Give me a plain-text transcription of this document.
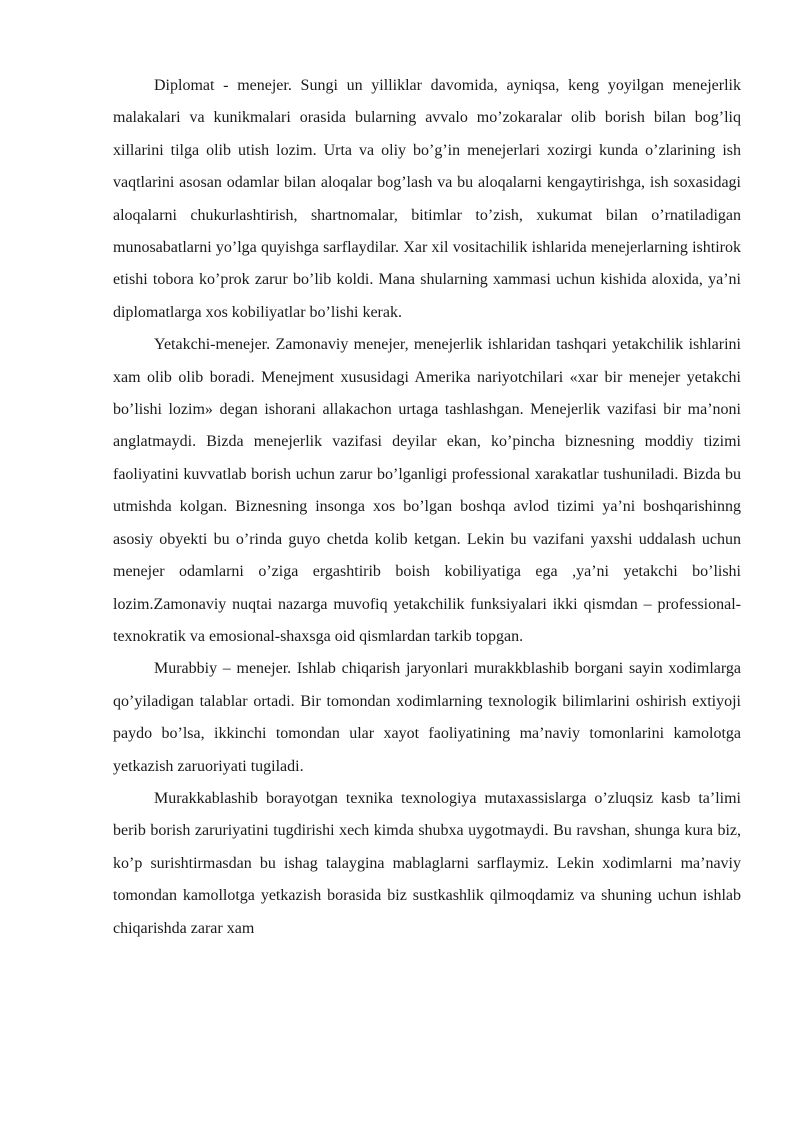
Diplomat - menejer. Sungi un yilliklar davomida, ayniqsa, keng yoyilgan menejerlik malakalari va kunikmalari orasida bularning avvalo mo’zokaralar olib borish bilan bog’liq xillarini tilga olib utish lozim. Urta va oliy bo’g’in menejerlari xozirgi kunda o’zlarining ish vaqtlarini asosan odamlar bilan aloqalar bog’lash va bu aloqalarni kengaytirishga, ish soxasidagi aloqalarni chukurlashtirish, shartnomalar, bitimlar to’zish, xukumat bilan o’rnatiladigan munosabatlarni yo’lga quyishga sarflaydilar. Xar xil vositachilik ishlarida menejerlarning ishtirok etishi tobora ko’prok zarur bo’lib koldi. Mana shularning xammasi uchun kishida aloxida, ya’ni diplomatlarga xos kobiliyatlar bo’lishi kerak.

Yetakchi-menejer. Zamonaviy menejer, menejerlik ishlaridan tashqari yetakchilik ishlarini xam olib olib boradi. Menejment xususidagi Amerika nariyotchilari «xar bir menejer yetakchi bo’lishi lozim» degan ishorani allakachon urtaga tashlashgan. Menejerlik vazifasi bir ma’noni anglatmaydi. Bizda menejerlik vazifasi deyilar ekan, ko’pincha biznesning moddiy tizimi faoliyatini kuvvatlab borish uchun zarur bo’lganligi professional xarakatlar tushuniladi. Bizda bu utmishda kolgan. Biznesning insonga xos bo’lgan boshqa avlod tizimi ya’ni boshqarishinng asosiy obyekti bu o’rinda guyo chetda kolib ketgan. Lekin bu vazifani yaxshi uddalash uchun menejer odamlarni o’ziga ergashtirib boish kobiliyatiga ega ,ya’ni yetakchi bo’lishi lozim.Zamonaviy nuqtai nazarga muvofiq yetakchilik funksiyalari ikki qismdan – professional-texnokratik va emosional-shaxsga oid qismlardan tarkib topgan.

Murabbiy – menejer. Ishlab chiqarish jaryonlari murakkblashib borgani sayin xodimlarga qo’yiladigan talablar ortadi. Bir tomondan xodimlarning texnologik bilimlarini oshirish extiyoji paydo bo’lsa, ikkinchi tomondan ular xayot faoliyatining ma’naviy tomonlarini kamolotga yetkazish zaruoriyati tugiladi.

Murakkablashib borayotgan texnika texnologiya mutaxassislarga o’zluqsiz kasb ta’limi berib borish zaruriyatini tugdirishi xech kimda shubxa uygotmaydi. Bu ravshan, shunga kura biz, ko’p surishtirmasdan bu ishag talaygina mablaglarni sarflaymiz. Lekin xodimlarni ma’naviy tomondan kamollotga yetkazish borasida biz sustkashlik qilmoqdamiz va shuning uchun ishlab chiqarishda zarar xam
